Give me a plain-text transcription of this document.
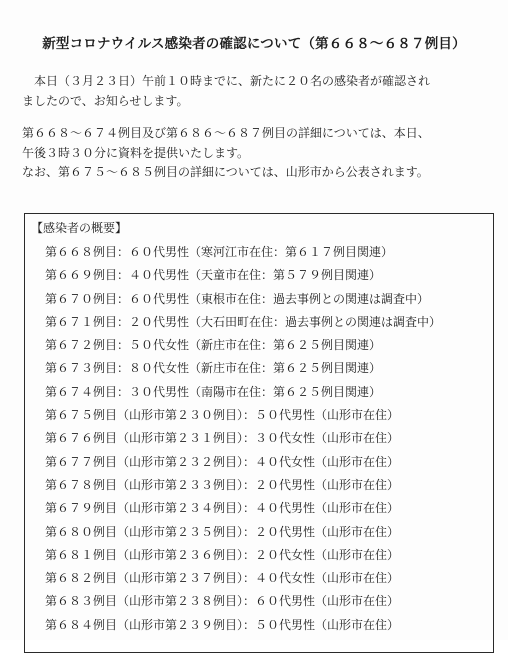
新型コロナウイルス感染者の確認について（第６６８〜６８７例目）
本日（３月２３日）午前１０時までに、新たに２０名の感染者が確認され
ましたので、お知らせします。
第６６８〜６７４例目及び第６８６〜６８７例目の詳細については、本日、
午後３時３０分に資料を提供いたします。
なお、第６７５〜６８５例目の詳細については、山形市から公表されます。
【感染者の概要】
第６６８例目：６０代男性（寒河江市在住：第６１７例目関連）
第６６９例目：４０代男性（天童市在住：第５７９例目関連）
第６７０例目：６０代男性（東根市在住：過去事例との関連は調査中）
第６７１例目：２０代男性（大石田町在住：過去事例との関連は調査中）
第６７２例目：５０代女性（新庄市在住：第６２５例目関連）
第６７３例目：８０代女性（新庄市在住：第６２５例目関連）
第６７４例目：３０代男性（南陽市在住：第６２５例目関連）
第６７５例目（山形市第２３０例目）：５０代男性（山形市在住）
第６７６例目（山形市第２３１例目）：３０代女性（山形市在住）
第６７７例目（山形市第２３２例目）：４０代女性（山形市在住）
第６７８例目（山形市第２３３例目）：２０代男性（山形市在住）
第６７９例目（山形市第２３４例目）：４０代男性（山形市在住）
第６８０例目（山形市第２３５例目）：２０代男性（山形市在住）
第６８１例目（山形市第２３６例目）：２０代女性（山形市在住）
第６８２例目（山形市第２３７例目）：４０代女性（山形市在住）
第６８３例目（山形市第２３８例目）：６０代男性（山形市在住）
第６８４例目（山形市第２３９例目）：５０代男性（山形市在住）
